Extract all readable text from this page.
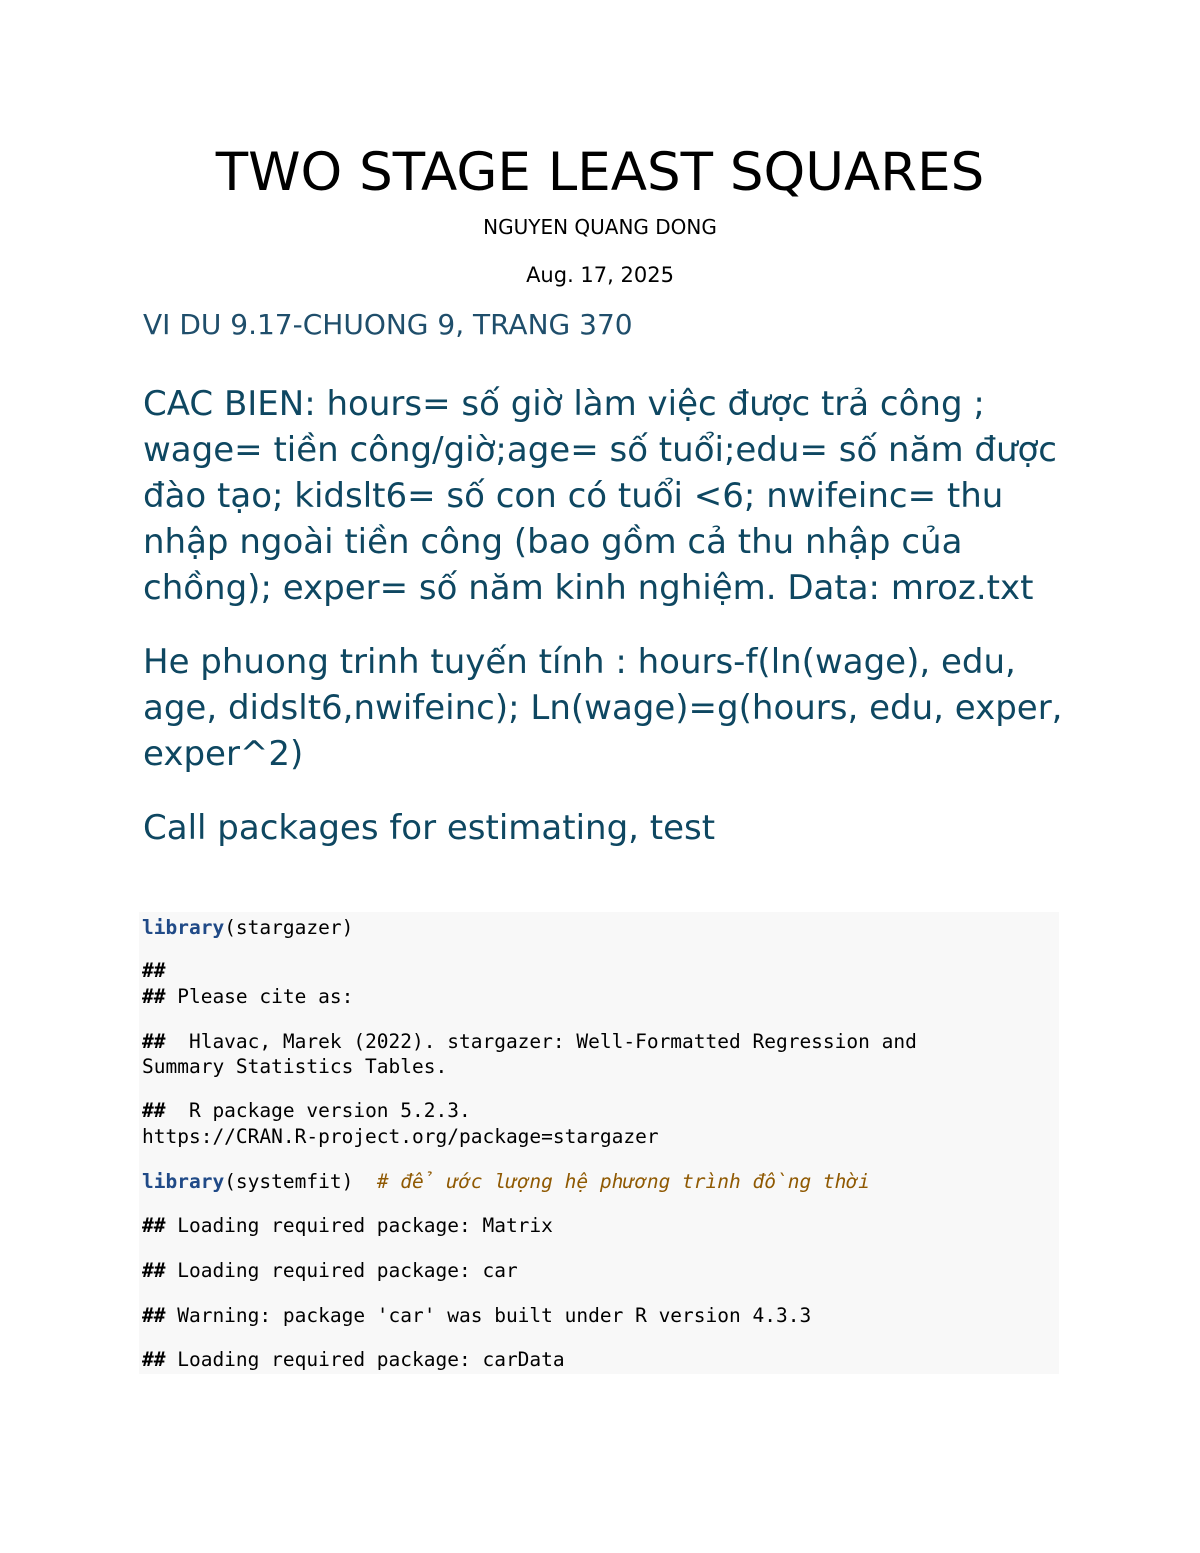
TWO STAGE LEAST SQUARES
NGUYEN QUANG DONG
Aug. 17, 2025
VI DU 9.17-CHUONG 9, TRANG 370
CAC BIEN: hours= số giờ làm việc được trả công ; wage= tiền công/giờ;age= số tuổi;edu= số năm được đào tạo; kidslt6= số con có tuổi <6; nwifeinc= thu nhập ngoài tiền công (bao gồm cả thu nhập của chồng); exper= số năm kinh nghiệm. Data: mroz.txt
He phuong trinh tuyến tính : hours-f(ln(wage), edu, age, didslt6,nwifeinc); Ln(wage)=g(hours, edu, exper, exper^2)
Call packages for estimating, test
library(stargazer)
##
## Please cite as:
##  Hlavac, Marek (2022). stargazer: Well-Formatted Regression and
Summary Statistics Tables.
##  R package version 5.2.3.
https://CRAN.R-project.org/package=stargazer
library(systemfit)  # để ước lượng hệ phương trình đồng thời
## Loading required package: Matrix
## Loading required package: car
## Warning: package 'car' was built under R version 4.3.3
## Loading required package: carData
